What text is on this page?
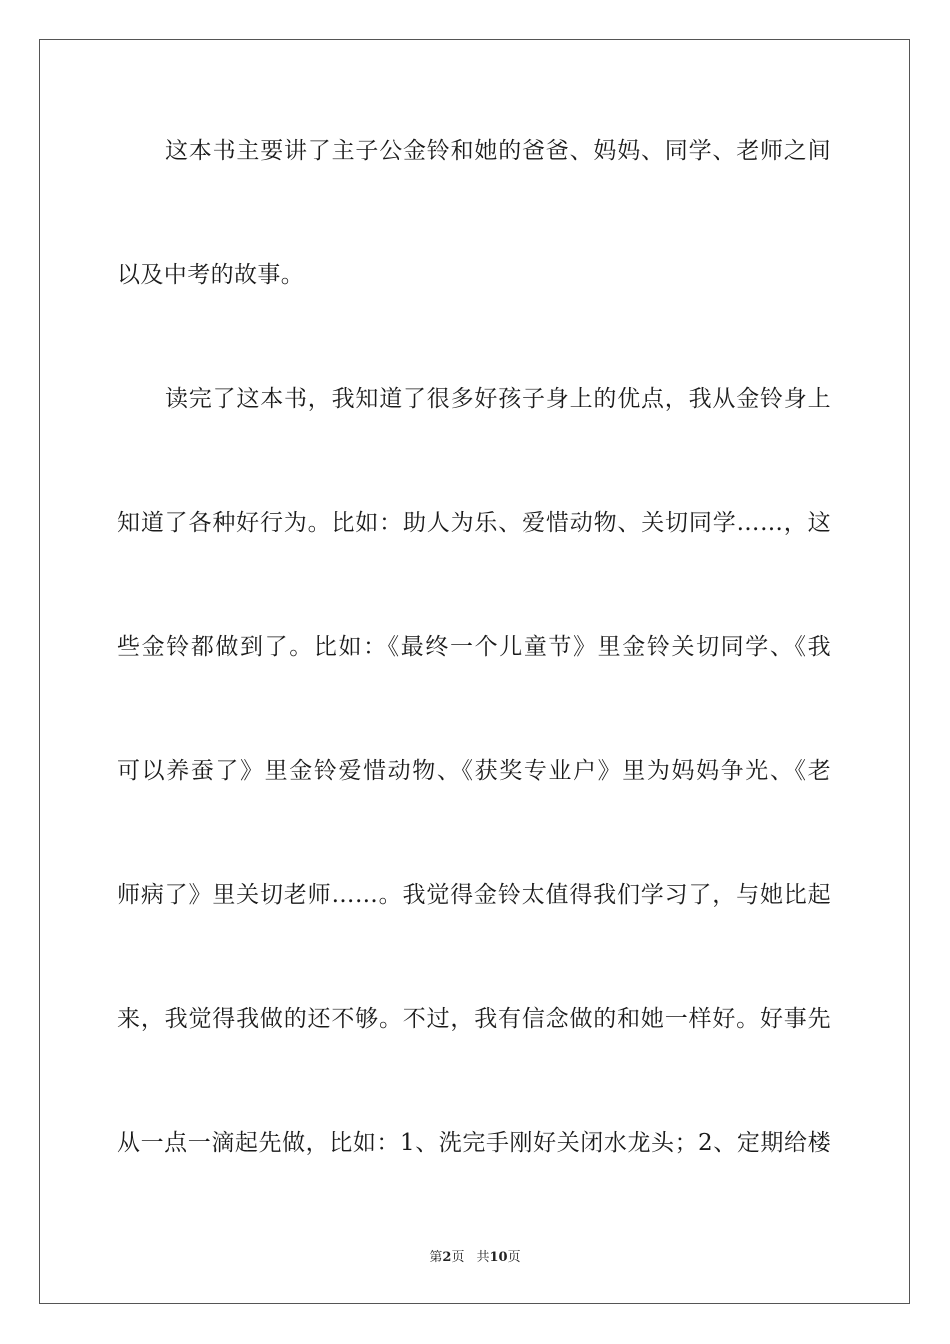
这本书主要讲了主子公金铃和她的爸爸、妈妈、同学、老师之间
以及中考的故事。
读完了这本书，我知道了很多好孩子身上的优点，我从金铃身上
知道了各种好行为。比如：助人为乐、爱惜动物、关切同学……，这
些金铃都做到了。比如：《最终一个儿童节》里金铃关切同学、《我
可以养蚕了》里金铃爱惜动物、《获奖专业户》里为妈妈争光、《老
师病了》里关切老师……。我觉得金铃太值得我们学习了，与她比起
来，我觉得我做的还不够。不过，我有信念做的和她一样好。好事先
从一点一滴起先做，比如：1、洗完手刚好关闭水龙头；2、定期给楼
第2页 共10页
